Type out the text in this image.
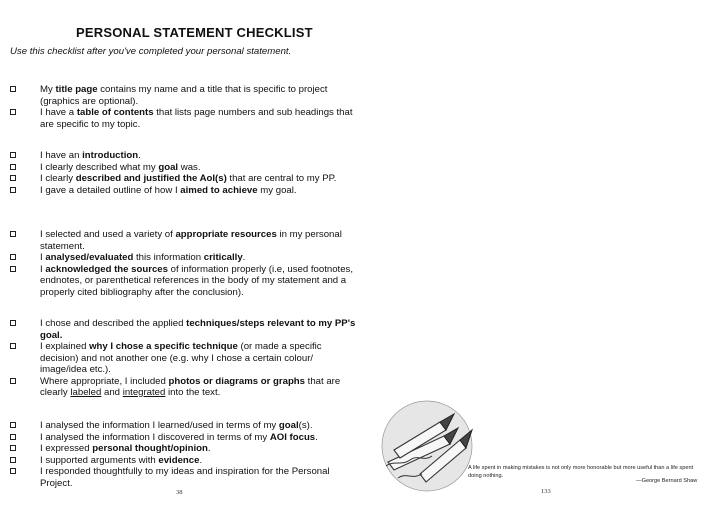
PERSONAL STATEMENT CHECKLIST
Use this checklist after you've completed your personal statement.
My title page contains my name and a title that is specific to project (graphics are optional).
I have a table of contents that lists page numbers and sub headings that are specific to my topic.
I have an introduction.
I clearly described what my goal was.
I clearly described and justified the AoI(s) that are central to my PP.
I gave a detailed outline of how I aimed to achieve my goal.
I selected and used a variety of appropriate resources in my personal statement.
I analysed/evaluated this information critically.
I acknowledged the sources of information properly (i.e, used footnotes, endnotes, or parenthetical references in the body of my statement and a properly cited bibliography after the conclusion).
I chose and described the applied techniques/steps relevant to my PP's goal.
I explained why I chose a specific technique (or made a specific decision) and not another one (e.g. why I chose a certain colour/ image/idea etc.).
Where appropriate, I included photos or diagrams or graphs that are clearly labeled and integrated into the text.
I analysed the information I learned/used in terms of my goal(s).
I analysed the information I discovered in terms of my AOI focus.
I expressed personal thought/opinion.
I supported arguments with evidence.
I responded thoughtfully to my ideas and inspiration for the Personal Project.
38
A life spent in making mistakes is not only more honorable but more useful than a life spent doing nothing.
—George Bernard Shaw
133
